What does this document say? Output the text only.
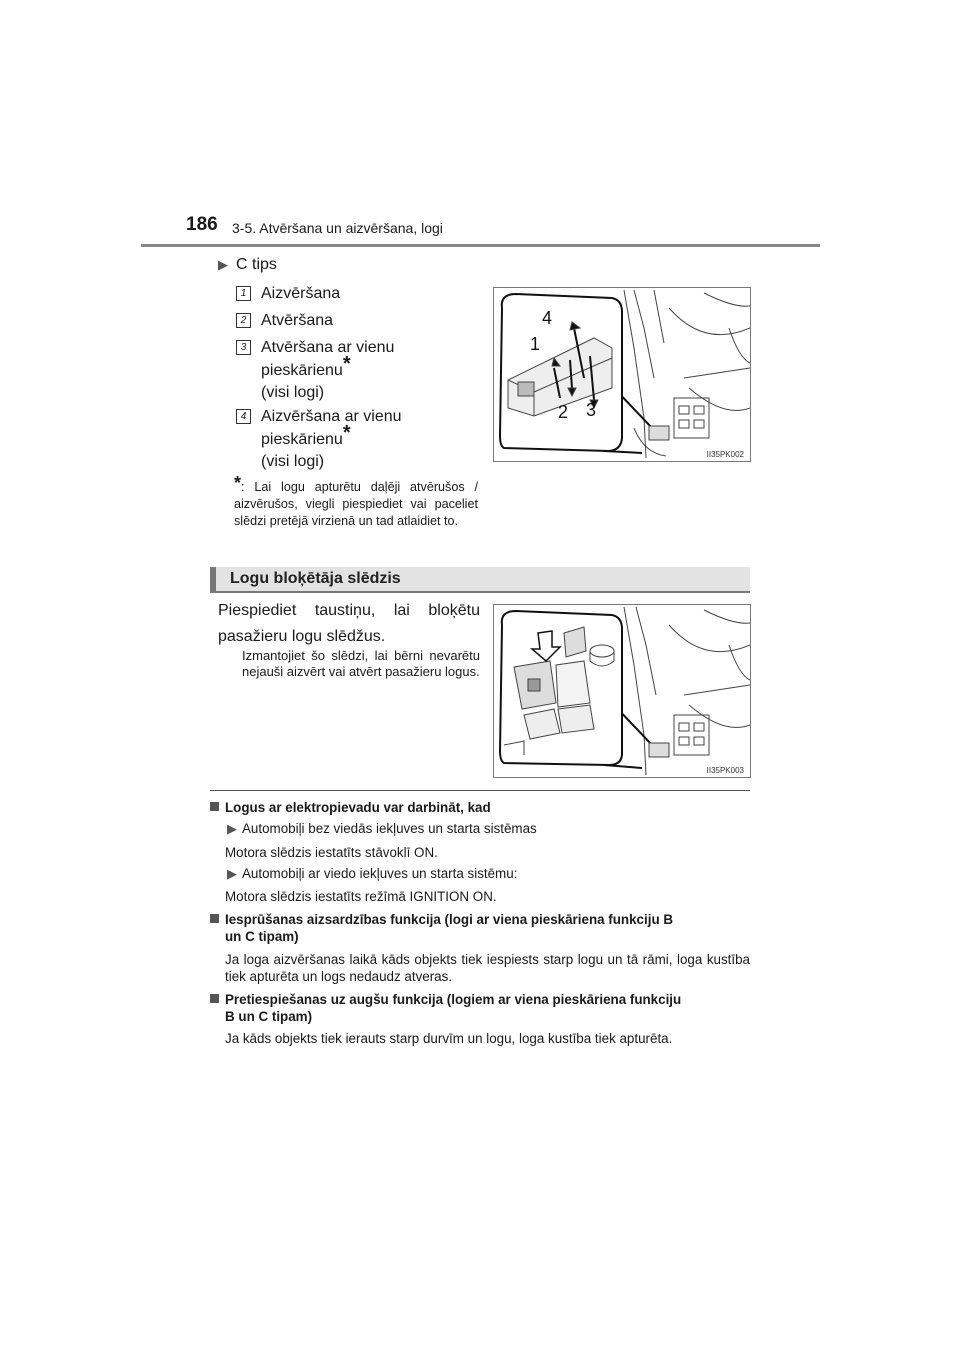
186 3-5. Atvēršana un aizvēršana, logi
▶ C tips
1 Aizvēršana
2 Atvēršana
3 Atvēršana ar vienu
pieskārienu*
(visi logi)
4 Aizvēršana ar vienu
pieskārienu*
(visi logi)
*: Lai logu apturētu daļēji atvērušos / aizvērušos, viegli piespiediet vai paceliet slēdzi pretējā virzienā un tad atlaidiet to.
4
1
2 3
II35PK002
Logu bloķētāja slēdzis
Piespiediet taustiņu, lai bloķētu pasažieru logu slēdžus.
Izmantojiet šo slēdzi, lai bērni nevarētu nejauši aizvērt vai atvērt pasažieru logus.
II35PK003
Logus ar elektropievadu var darbināt, kad
▶ Automobiļi bez viedās iekļuves un starta sistēmas
Motora slēdzis iestatīts stāvoklī ON.
▶ Automobiļi ar viedo iekļuves un starta sistēmu:
Motora slēdzis iestatīts režīmā IGNITION ON.
Iesprūšanas aizsardzības funkcija (logi ar viena pieskāriena funkciju B
un C tipam)
Ja loga aizvēršanas laikā kāds objekts tiek iespiests starp logu un tā rāmi, loga kustība tiek apturēta un logs nedaudz atveras.
Pretiespiešanas uz augšu funkcija (logiem ar viena pieskāriena funkciju
B un C tipam)
Ja kāds objekts tiek ierauts starp durvīm un logu, loga kustība tiek apturēta.
